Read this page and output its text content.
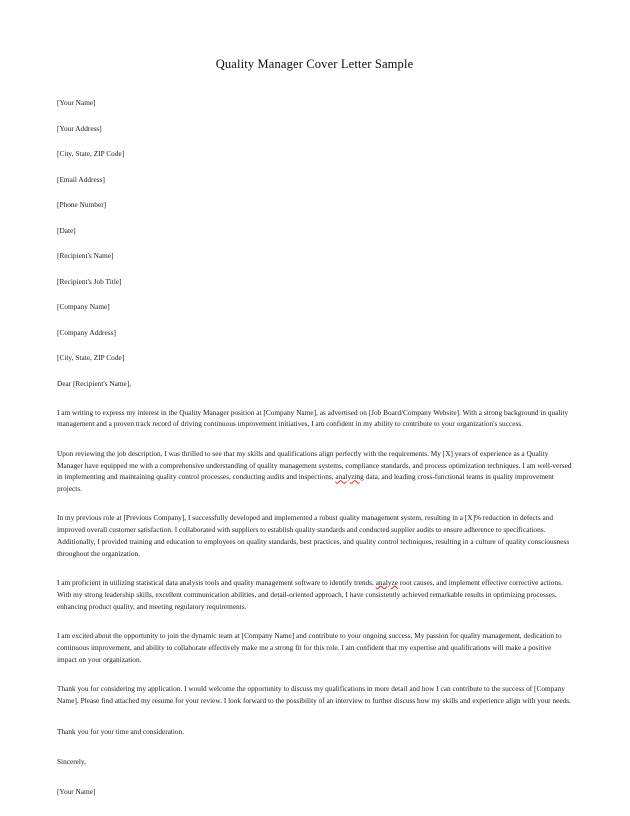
Quality Manager Cover Letter Sample
[Your Name]
[Your Address]
[City, State, ZIP Code]
[Email Address]
[Phone Number]
[Date]
[Recipient's Name]
[Recipient's Job Title]
[Company Name]
[Company Address]
[City, State, ZIP Code]
Dear [Recipient's Name],

I am writing to express my interest in the Quality Manager position at [Company Name], as advertised on [Job Board/Company Website]. With a strong background in quality management and a proven track record of driving continuous improvement initiatives, I am confident in my ability to contribute to your organization's success.

Upon reviewing the job description, I was thrilled to see that my skills and qualifications align perfectly with the requirements. My [X] years of experience as a Quality Manager have equipped me with a comprehensive understanding of quality management systems, compliance standards, and process optimization techniques. I am well-versed in implementing and maintaining quality control processes, conducting audits and inspections, analyzing data, and leading cross-functional teams in quality improvement projects.

In my previous role at [Previous Company], I successfully developed and implemented a robust quality management system, resulting in a [X]% reduction in defects and improved overall customer satisfaction. I collaborated with suppliers to establish quality standards and conducted supplier audits to ensure adherence to specifications. Additionally, I provided training and education to employees on quality standards, best practices, and quality control techniques, resulting in a culture of quality consciousness throughout the organization.

I am proficient in utilizing statistical data analysis tools and quality management software to identify trends, analyze root causes, and implement effective corrective actions. With my strong leadership skills, excellent communication abilities, and detail-oriented approach, I have consistently achieved remarkable results in optimizing processes, enhancing product quality, and meeting regulatory requirements.

I am excited about the opportunity to join the dynamic team at [Company Name] and contribute to your ongoing success. My passion for quality management, dedication to continuous improvement, and ability to collaborate effectively make me a strong fit for this role. I am confident that my expertise and qualifications will make a positive impact on your organization.

Thank you for considering my application. I would welcome the opportunity to discuss my qualifications in more detail and how I can contribute to the success of [Company Name]. Please find attached my resume for your review. I look forward to the possibility of an interview to further discuss how my skills and experience align with your needs.

Thank you for your time and consideration.
Sincerely,
[Your Name]
